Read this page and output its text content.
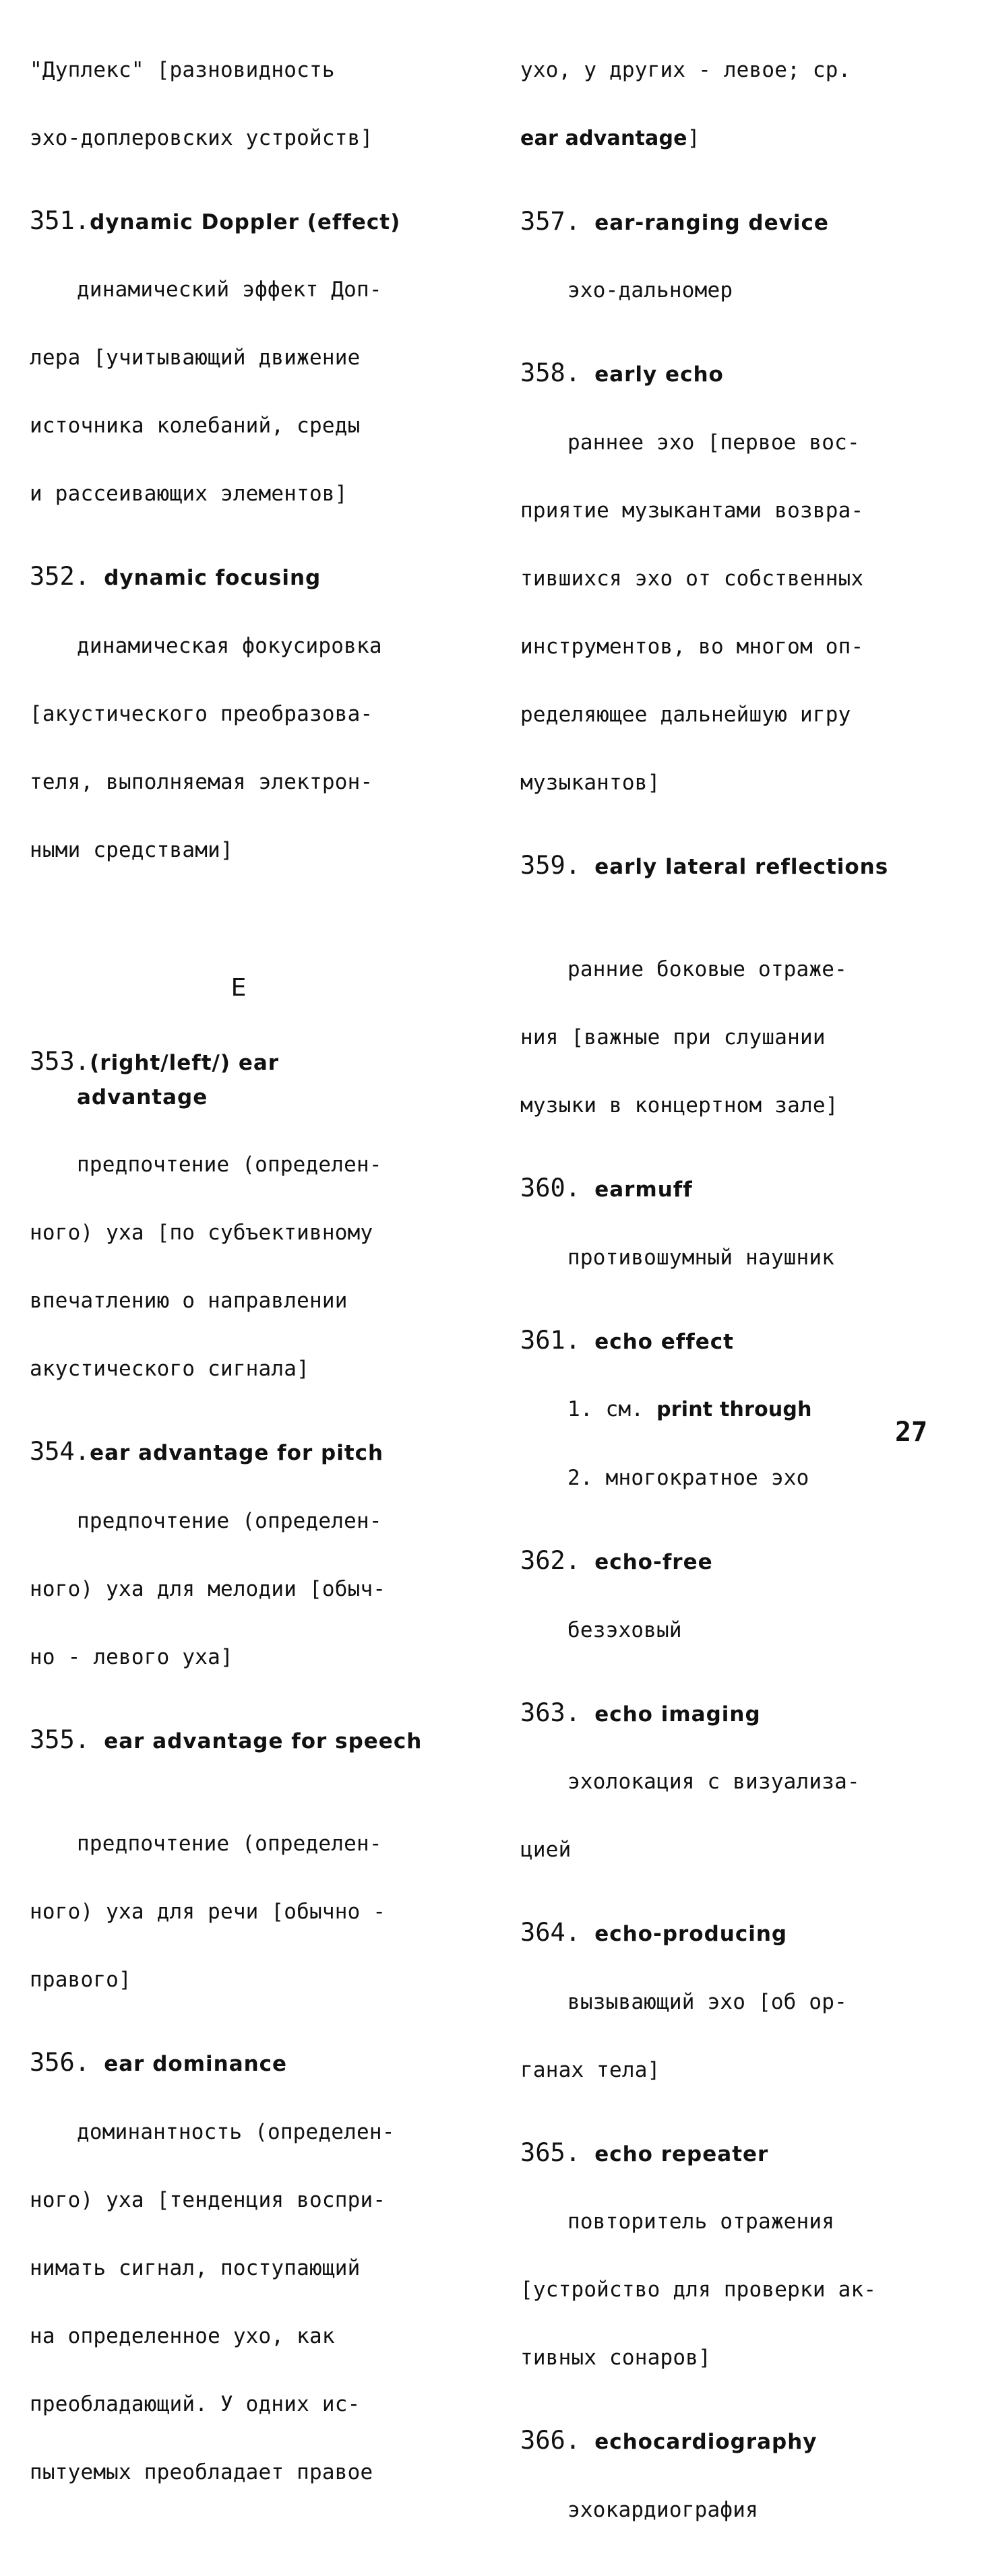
"Дуплекс" [разновидность

эхо-доплеровских устройств]

351.dynamic Doppler (effect)

динамический эффект Доп-

лера [учитывающий движение

источника колебаний, среды

и рассеивающих элементов]

352. dynamic focusing

динамическая фокусировка

[акустического преобразова-

теля, выполняемая электрон-

ными средствами]

E
353.(right/left/) ear
advantage

предпочтение (определен-

ного) уха [по субъективному

впечатлению о направлении

акустического сигнала]

354.ear advantage for pitch

предпочтение (определен-

ного) уха для мелодии [обыч-

но - левого уха]

355. ear advantage for speech

предпочтение (определен-

ного) уха для речи [обычно -

правого]

356. ear dominance

доминантность (определен-

ного) уха [тенденция воспри-

нимать сигнал, поступающий

на определенное ухо, как

преобладающий. У одних ис-

пытуемых преобладает правое

ухо, у других - левое; ср.

ear advantage]

357. ear-ranging device

эхо-дальномер

358. early echo

раннее эхо [первое вос-

приятие музыкантами возвра-

тившихся эхо от собственных

инструментов, во многом оп-

ределяющее дальнейшую игру

музыкантов]

359. early lateral reflections

ранние боковые отраже-

ния [важные при слушании

музыки в концертном зале]

360. earmuff

противошумный наушник

361. echo effect

1. см. print through

2. многократное эхо

362. echo-free

безэховый

363. echo imaging

эхолокация с визуализа-

цией

364. echo-producing

вызывающий эхо [об ор-

ганах тела]

365. echo repeater

повторитель отражения

[устройство для проверки ак-

тивных сонаров]

366. echocardiography

эхокардиография

27
